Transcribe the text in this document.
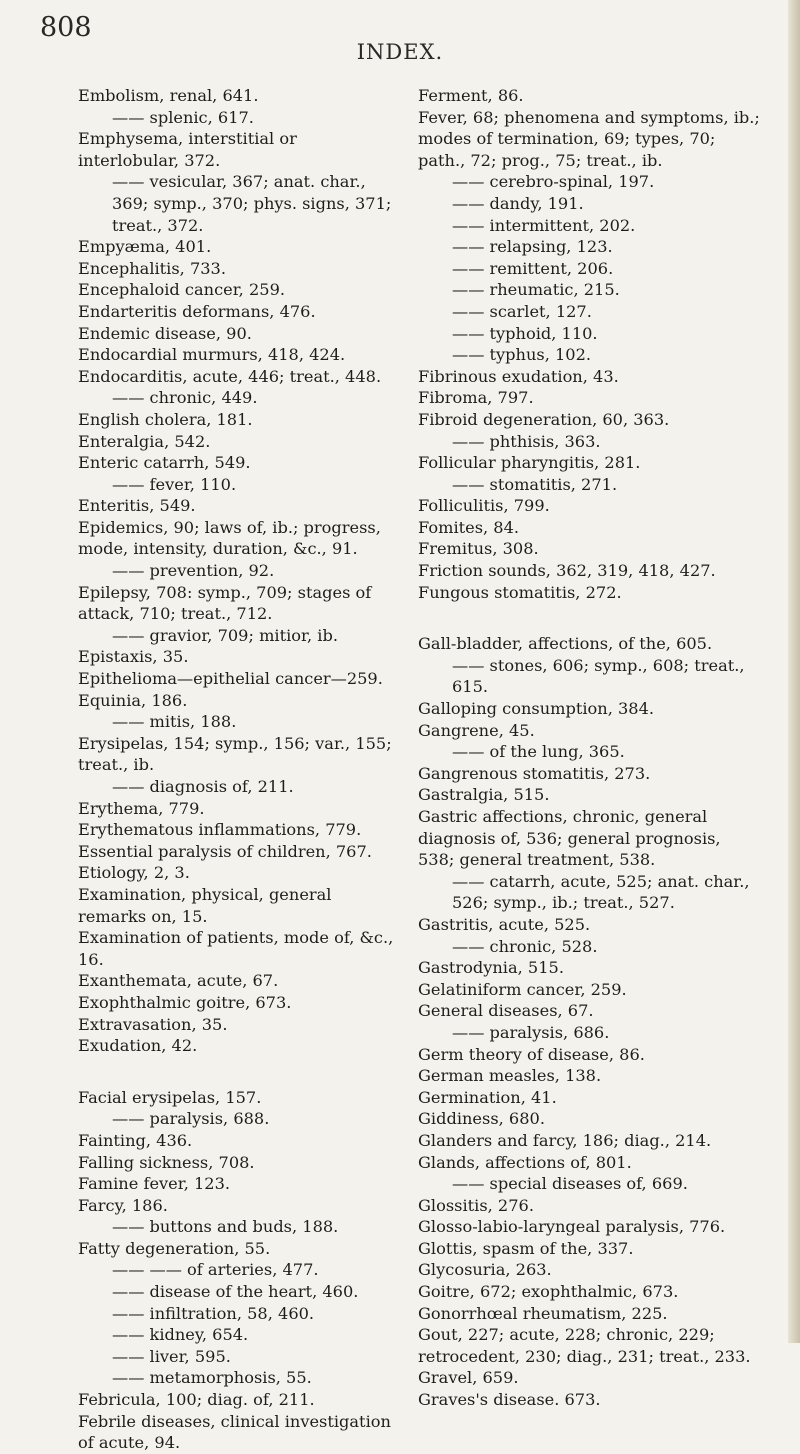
808
INDEX.
Embolism, renal, 641.
—— splenic, 617.
Emphysema, interstitial or interlobular, 372.
—— vesicular, 367; anat. char., 369; symp., 370; phys. signs, 371; treat., 372.
Empyæma, 401.
Encephalitis, 733.
Encephaloid cancer, 259.
Endarteritis deformans, 476.
Endemic disease, 90.
Endocardial murmurs, 418, 424.
Endocarditis, acute, 446; treat., 448.
—— chronic, 449.
English cholera, 181.
Enteralgia, 542.
Enteric catarrh, 549.
—— fever, 110.
Enteritis, 549.
Epidemics, 90; laws of, ib.; progress, mode, intensity, duration, &c., 91.
—— prevention, 92.
Epilepsy, 708: symp., 709; stages of attack, 710; treat., 712.
—— gravior, 709; mitior, ib.
Epistaxis, 35.
Epithelioma—epithelial cancer—259.
Equinia, 186.
—— mitis, 188.
Erysipelas, 154; symp., 156; var., 155; treat., ib.
—— diagnosis of, 211.
Erythema, 779.
Erythematous inflammations, 779.
Essential paralysis of children, 767.
Etiology, 2, 3.
Examination, physical, general remarks on, 15.
Examination of patients, mode of, &c., 16.
Exanthemata, acute, 67.
Exophthalmic goitre, 673.
Extravasation, 35.
Exudation, 42.
Facial erysipelas, 157.
—— paralysis, 688.
Fainting, 436.
Falling sickness, 708.
Famine fever, 123.
Farcy, 186.
—— buttons and buds, 188.
Fatty degeneration, 55.
—— —— of arteries, 477.
—— disease of the heart, 460.
—— infiltration, 58, 460.
—— kidney, 654.
—— liver, 595.
—— metamorphosis, 55.
Febricula, 100; diag. of, 211.
Febrile diseases, clinical investigation of acute, 94.
Ferment, 86.
Fever, 68; phenomena and symptoms, ib.; modes of termination, 69; types, 70; path., 72; prog., 75; treat., ib.
—— cerebro-spinal, 197.
—— dandy, 191.
—— intermittent, 202.
—— relapsing, 123.
—— remittent, 206.
—— rheumatic, 215.
—— scarlet, 127.
—— typhoid, 110.
—— typhus, 102.
Fibrinous exudation, 43.
Fibroma, 797.
Fibroid degeneration, 60, 363.
—— phthisis, 363.
Follicular pharyngitis, 281.
—— stomatitis, 271.
Folliculitis, 799.
Fomites, 84.
Fremitus, 308.
Friction sounds, 362, 319, 418, 427.
Fungous stomatitis, 272.
Gall-bladder, affections, of the, 605.
—— stones, 606; symp., 608; treat., 615.
Galloping consumption, 384.
Gangrene, 45.
—— of the lung, 365.
Gangrenous stomatitis, 273.
Gastralgia, 515.
Gastric affections, chronic, general diagnosis of, 536; general prognosis, 538; general treatment, 538.
—— catarrh, acute, 525; anat. char., 526; symp., ib.; treat., 527.
Gastritis, acute, 525.
—— chronic, 528.
Gastrodynia, 515.
Gelatiniform cancer, 259.
General diseases, 67.
—— paralysis, 686.
Germ theory of disease, 86.
German measles, 138.
Germination, 41.
Giddiness, 680.
Glanders and farcy, 186; diag., 214.
Glands, affections of, 801.
—— special diseases of, 669.
Glossitis, 276.
Glosso-labio-laryngeal paralysis, 776.
Glottis, spasm of the, 337.
Glycosuria, 263.
Goitre, 672; exophthalmic, 673.
Gonorrhœal rheumatism, 225.
Gout, 227; acute, 228; chronic, 229; retrocedent, 230; diag., 231; treat., 233.
Gravel, 659.
Graves's disease. 673.
